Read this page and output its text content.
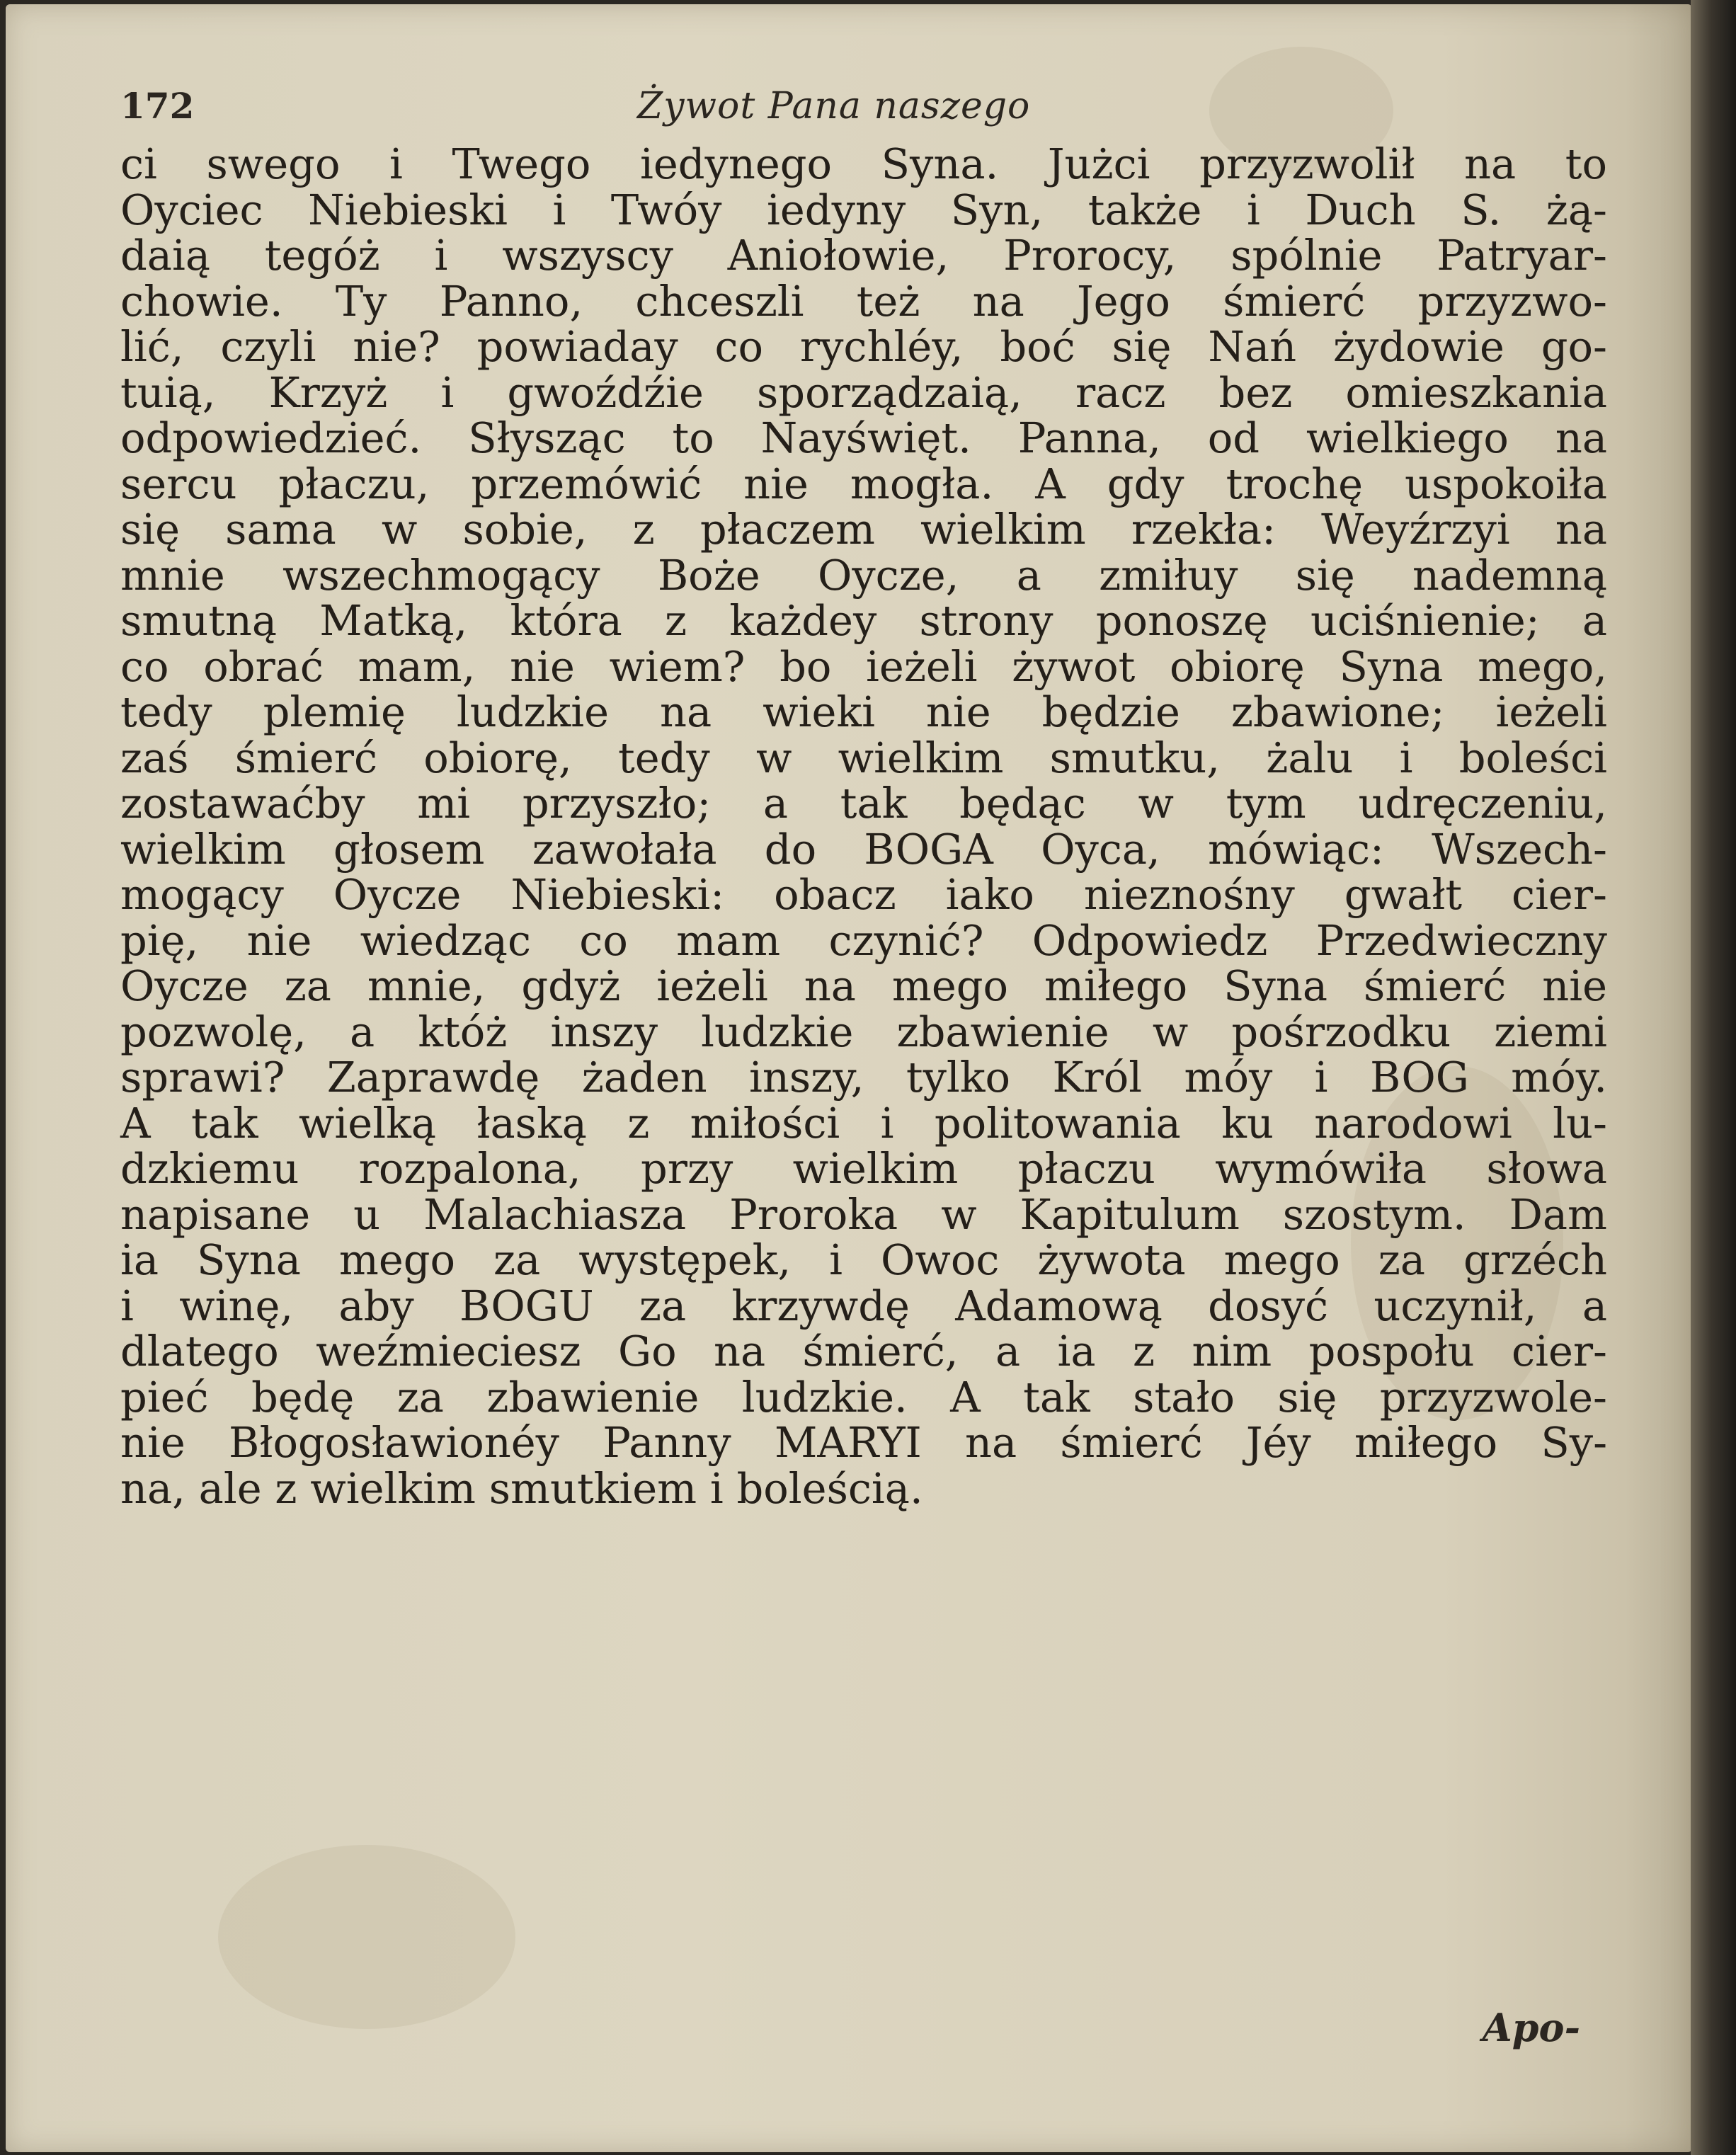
172	Żywot Pana naszego
ci swego i Twego iedynego Syna. Jużci przyzwolił na to
Oyciec Niebieski i Twóy iedyny Syn, także i Duch S. żą-
daią tegóż i wszyscy Aniołowie, Prorocy, spólnie Patryar-
chowie. Ty Panno, chceszli też na Jego śmierć przyzwo-
lić, czyli nie? powiaday co rychléy, boć się Nań żydowie go-
tuią, Krzyż i gwoźdźie sporządzaią, racz bez omieszkania
odpowiedzieć. Słysząc to Nayświęt. Panna, od wielkiego na
sercu płaczu, przemówić nie mogła. A gdy trochę uspokoiła
się sama w sobie, z płaczem wielkim rzekła: Weyźrzyi na
mnie wszechmogący Boże Oycze, a zmiłuy się nademną
smutną Matką, która z każdey strony ponoszę uciśnienie; a
co obrać mam, nie wiem? bo ieżeli żywot obiorę Syna mego,
tedy plemię ludzkie na wieki nie będzie zbawione; ieżeli
zaś śmierć obiorę, tedy w wielkim smutku, żalu i boleści
zostawaćby mi przyszło; a tak będąc w tym udręczeniu,
wielkim głosem zawołała do BOGA Oyca, mówiąc: Wszech-
mogący Oycze Niebieski: obacz iako nieznośny gwałt cier-
pię, nie wiedząc co mam czynić? Odpowiedz Przedwieczny
Oycze za mnie, gdyż ieżeli na mego miłego Syna śmierć nie
pozwolę, a któż inszy ludzkie zbawienie w pośrzodku ziemi
sprawi? Zaprawdę żaden inszy, tylko Król móy i BOG móy.
A tak wielką łaską z miłości i politowania ku narodowi lu-
dzkiemu rozpalona, przy wielkim płaczu wymówiła słowa
napisane u Malachiasza Proroka w Kapitulum szostym. Dam
ia Syna mego za występek, i Owoc żywota mego za grzéch
i winę, aby BOGU za krzywdę Adamową dosyć uczynił, a
dlatego weźmieciesz Go na śmierć, a ia z nim pospołu cier-
pieć będę za zbawienie ludzkie. A tak stało się przyzwole-
nie Błogosławionéy Panny MARYI na śmierć Jéy miłego Sy-
na, ale z wielkim smutkiem i boleścią.
Apo-
